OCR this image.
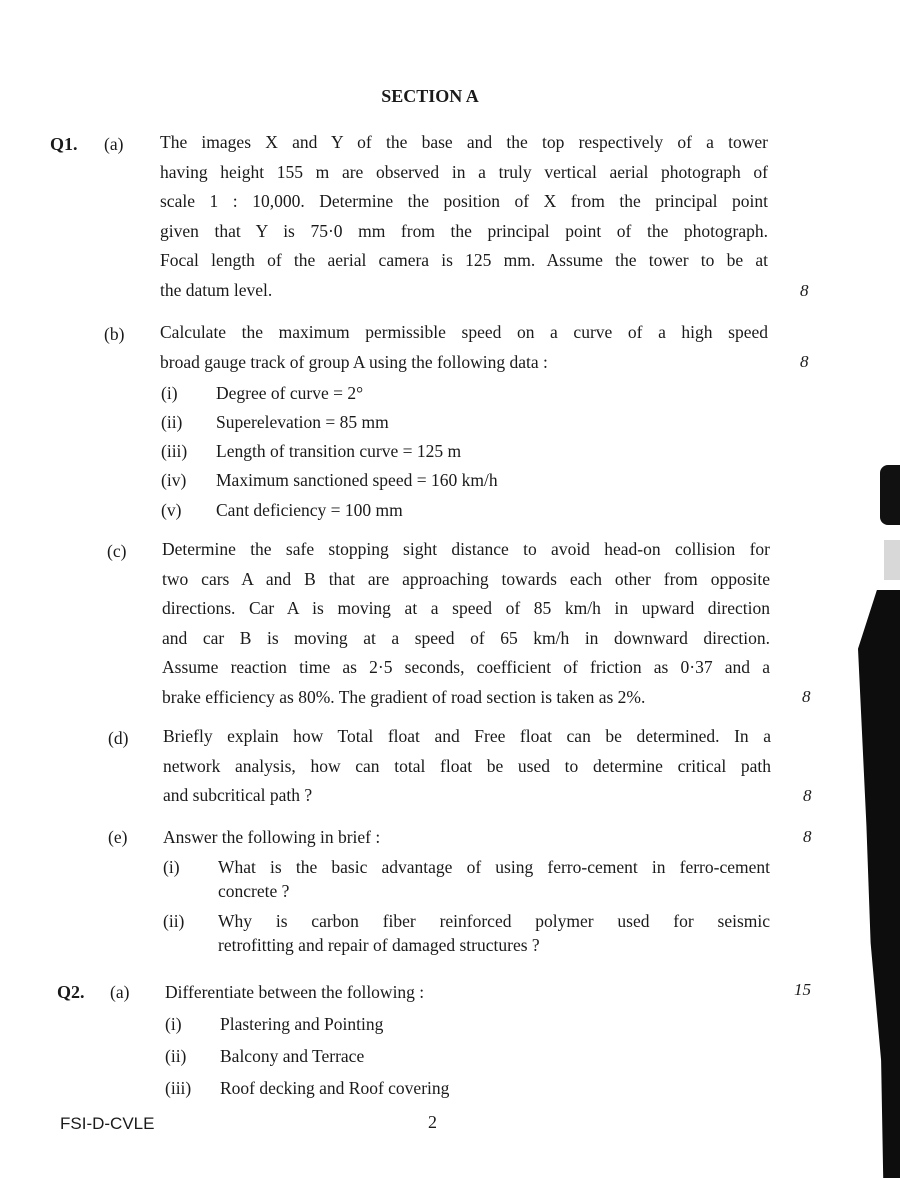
SECTION A
Q1. (a) The images X and Y of the base and the top respectively of a tower
having height 155 m are observed in a truly vertical aerial photograph of
scale 1 : 10,000. Determine the position of X from the principal point
given that Y is 75·0 mm from the principal point of the photograph.
Focal length of the aerial camera is 125 mm. Assume the tower to be at
the datum level.	8
(b) Calculate the maximum permissible speed on a curve of a high speed
broad gauge track of group A using the following data :	8
(i) Degree of curve = 2°
(ii) Superelevation = 85 mm
(iii) Length of transition curve = 125 m
(iv) Maximum sanctioned speed = 160 km/h
(v) Cant deficiency = 100 mm
(c) Determine the safe stopping sight distance to avoid head-on collision for
two cars A and B that are approaching towards each other from opposite
directions. Car A is moving at a speed of 85 km/h in upward direction
and car B is moving at a speed of 65 km/h in downward direction.
Assume reaction time as 2·5 seconds, coefficient of friction as 0·37 and a
brake efficiency as 80%. The gradient of road section is taken as 2%.	8
(d) Briefly explain how Total float and Free float can be determined. In a
network analysis, how can total float be used to determine critical path
and subcritical path ?	8
(e) Answer the following in brief :	8
(i) What is the basic advantage of using ferro-cement in ferro-cement
concrete ?
(ii) Why is carbon fiber reinforced polymer used for seismic
retrofitting and repair of damaged structures ?
Q2. (a) Differentiate between the following :	15
(i) Plastering and Pointing
(ii) Balcony and Terrace
(iii) Roof decking and Roof covering
FSI-D-CVLE	2
